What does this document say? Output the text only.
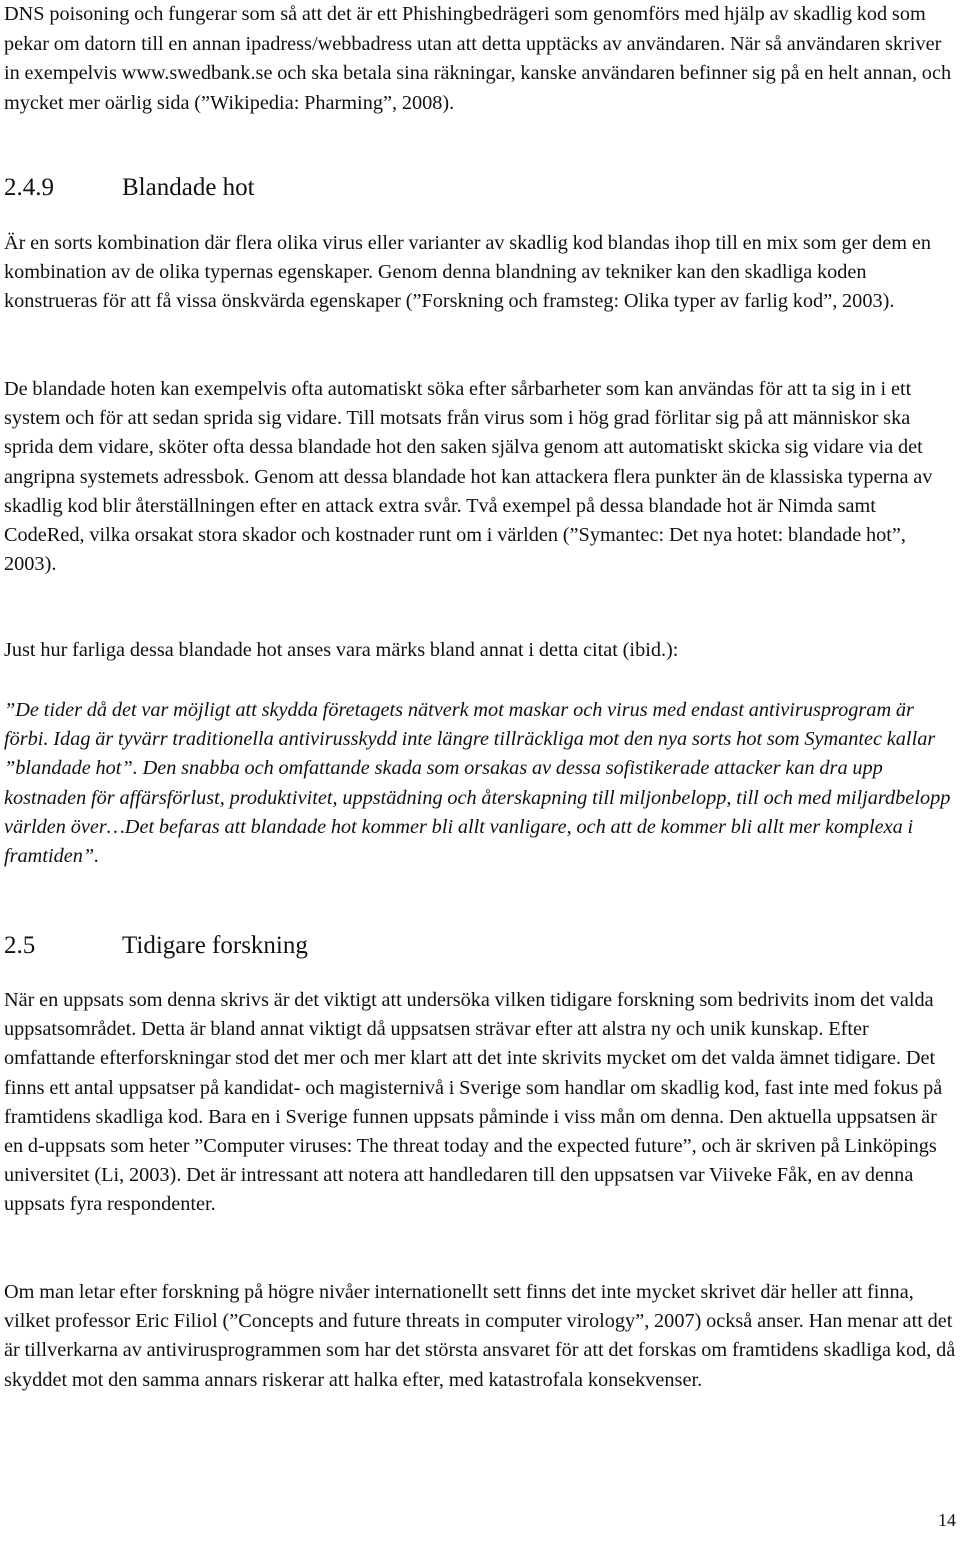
DNS poisoning och fungerar som så att det är ett Phishingbedrägeri som genomförs med hjälp av skadlig kod som pekar om datorn till en annan ipadress/webbadress utan att detta upptäcks av användaren. När så användaren skriver in exempelvis www.swedbank.se och ska betala sina räkningar, kanske användaren befinner sig på en helt annan, och mycket mer oärlig sida (”Wikipedia: Pharming”, 2008).

2.4.9	Blandade hot

Är en sorts kombination där flera olika virus eller varianter av skadlig kod blandas ihop till en mix som ger dem en kombination av de olika typernas egenskaper. Genom denna blandning av tekniker kan den skadliga koden konstrueras för att få vissa önskvärda egenskaper (”Forskning och framsteg: Olika typer av farlig kod”, 2003).

De blandade hoten kan exempelvis ofta automatiskt söka efter sårbarheter som kan användas för att ta sig in i ett system och för att sedan sprida sig vidare. Till motsats från virus som i hög grad förlitar sig på att människor ska sprida dem vidare, sköter ofta dessa blandade hot den saken själva genom att automatiskt skicka sig vidare via det angripna systemets adressbok. Genom att dessa blandade hot kan attackera flera punkter än de klassiska typerna av skadlig kod blir återställningen efter en attack extra svår. Två exempel på dessa blandade hot är Nimda samt CodeRed, vilka orsakat stora skador och kostnader runt om i världen (”Symantec: Det nya hotet: blandade hot”, 2003).

Just hur farliga dessa blandade hot anses vara märks bland annat i detta citat (ibid.):

”De tider då det var möjligt att skydda företagets nätverk mot maskar och virus med endast antivirusprogram är förbi. Idag är tyvärr traditionella antivirusskydd inte längre tillräckliga mot den nya sorts hot som Symantec kallar ”blandade hot”. Den snabba och omfattande skada som orsakas av dessa sofistikerade attacker kan dra upp kostnaden för affärsförlust, produktivitet, uppstädning och återskapning till miljonbelopp, till och med miljardbelopp världen över…Det befaras att blandade hot kommer bli allt vanligare, och att de kommer bli allt mer komplexa i framtiden”.

2.5	Tidigare forskning

När en uppsats som denna skrivs är det viktigt att undersöka vilken tidigare forskning som bedrivits inom det valda uppsatsområdet. Detta är bland annat viktigt då uppsatsen strävar efter att alstra ny och unik kunskap. Efter omfattande efterforskningar stod det mer och mer klart att det inte skrivits mycket om det valda ämnet tidigare. Det finns ett antal uppsatser på kandidat- och magisternivå i Sverige som handlar om skadlig kod, fast inte med fokus på framtidens skadliga kod. Bara en i Sverige funnen uppsats påminde i viss mån om denna. Den aktuella uppsatsen är en d-uppsats som heter ”Computer viruses: The threat today and the expected future”, och är skriven på Linköpings universitet (Li, 2003). Det är intressant att notera att handledaren till den uppsatsen var Viiveke Fåk, en av denna uppsats fyra respondenter.

Om man letar efter forskning på högre nivåer internationellt sett finns det inte mycket skrivet där heller att finna, vilket professor Eric Filiol (”Concepts and future threats in computer virology”, 2007) också anser. Han menar att det är tillverkarna av antivirusprogrammen som har det största ansvaret för att det forskas om framtidens skadliga kod, då skyddet mot den samma annars riskerar att halka efter, med katastrofala konsekvenser.

14
